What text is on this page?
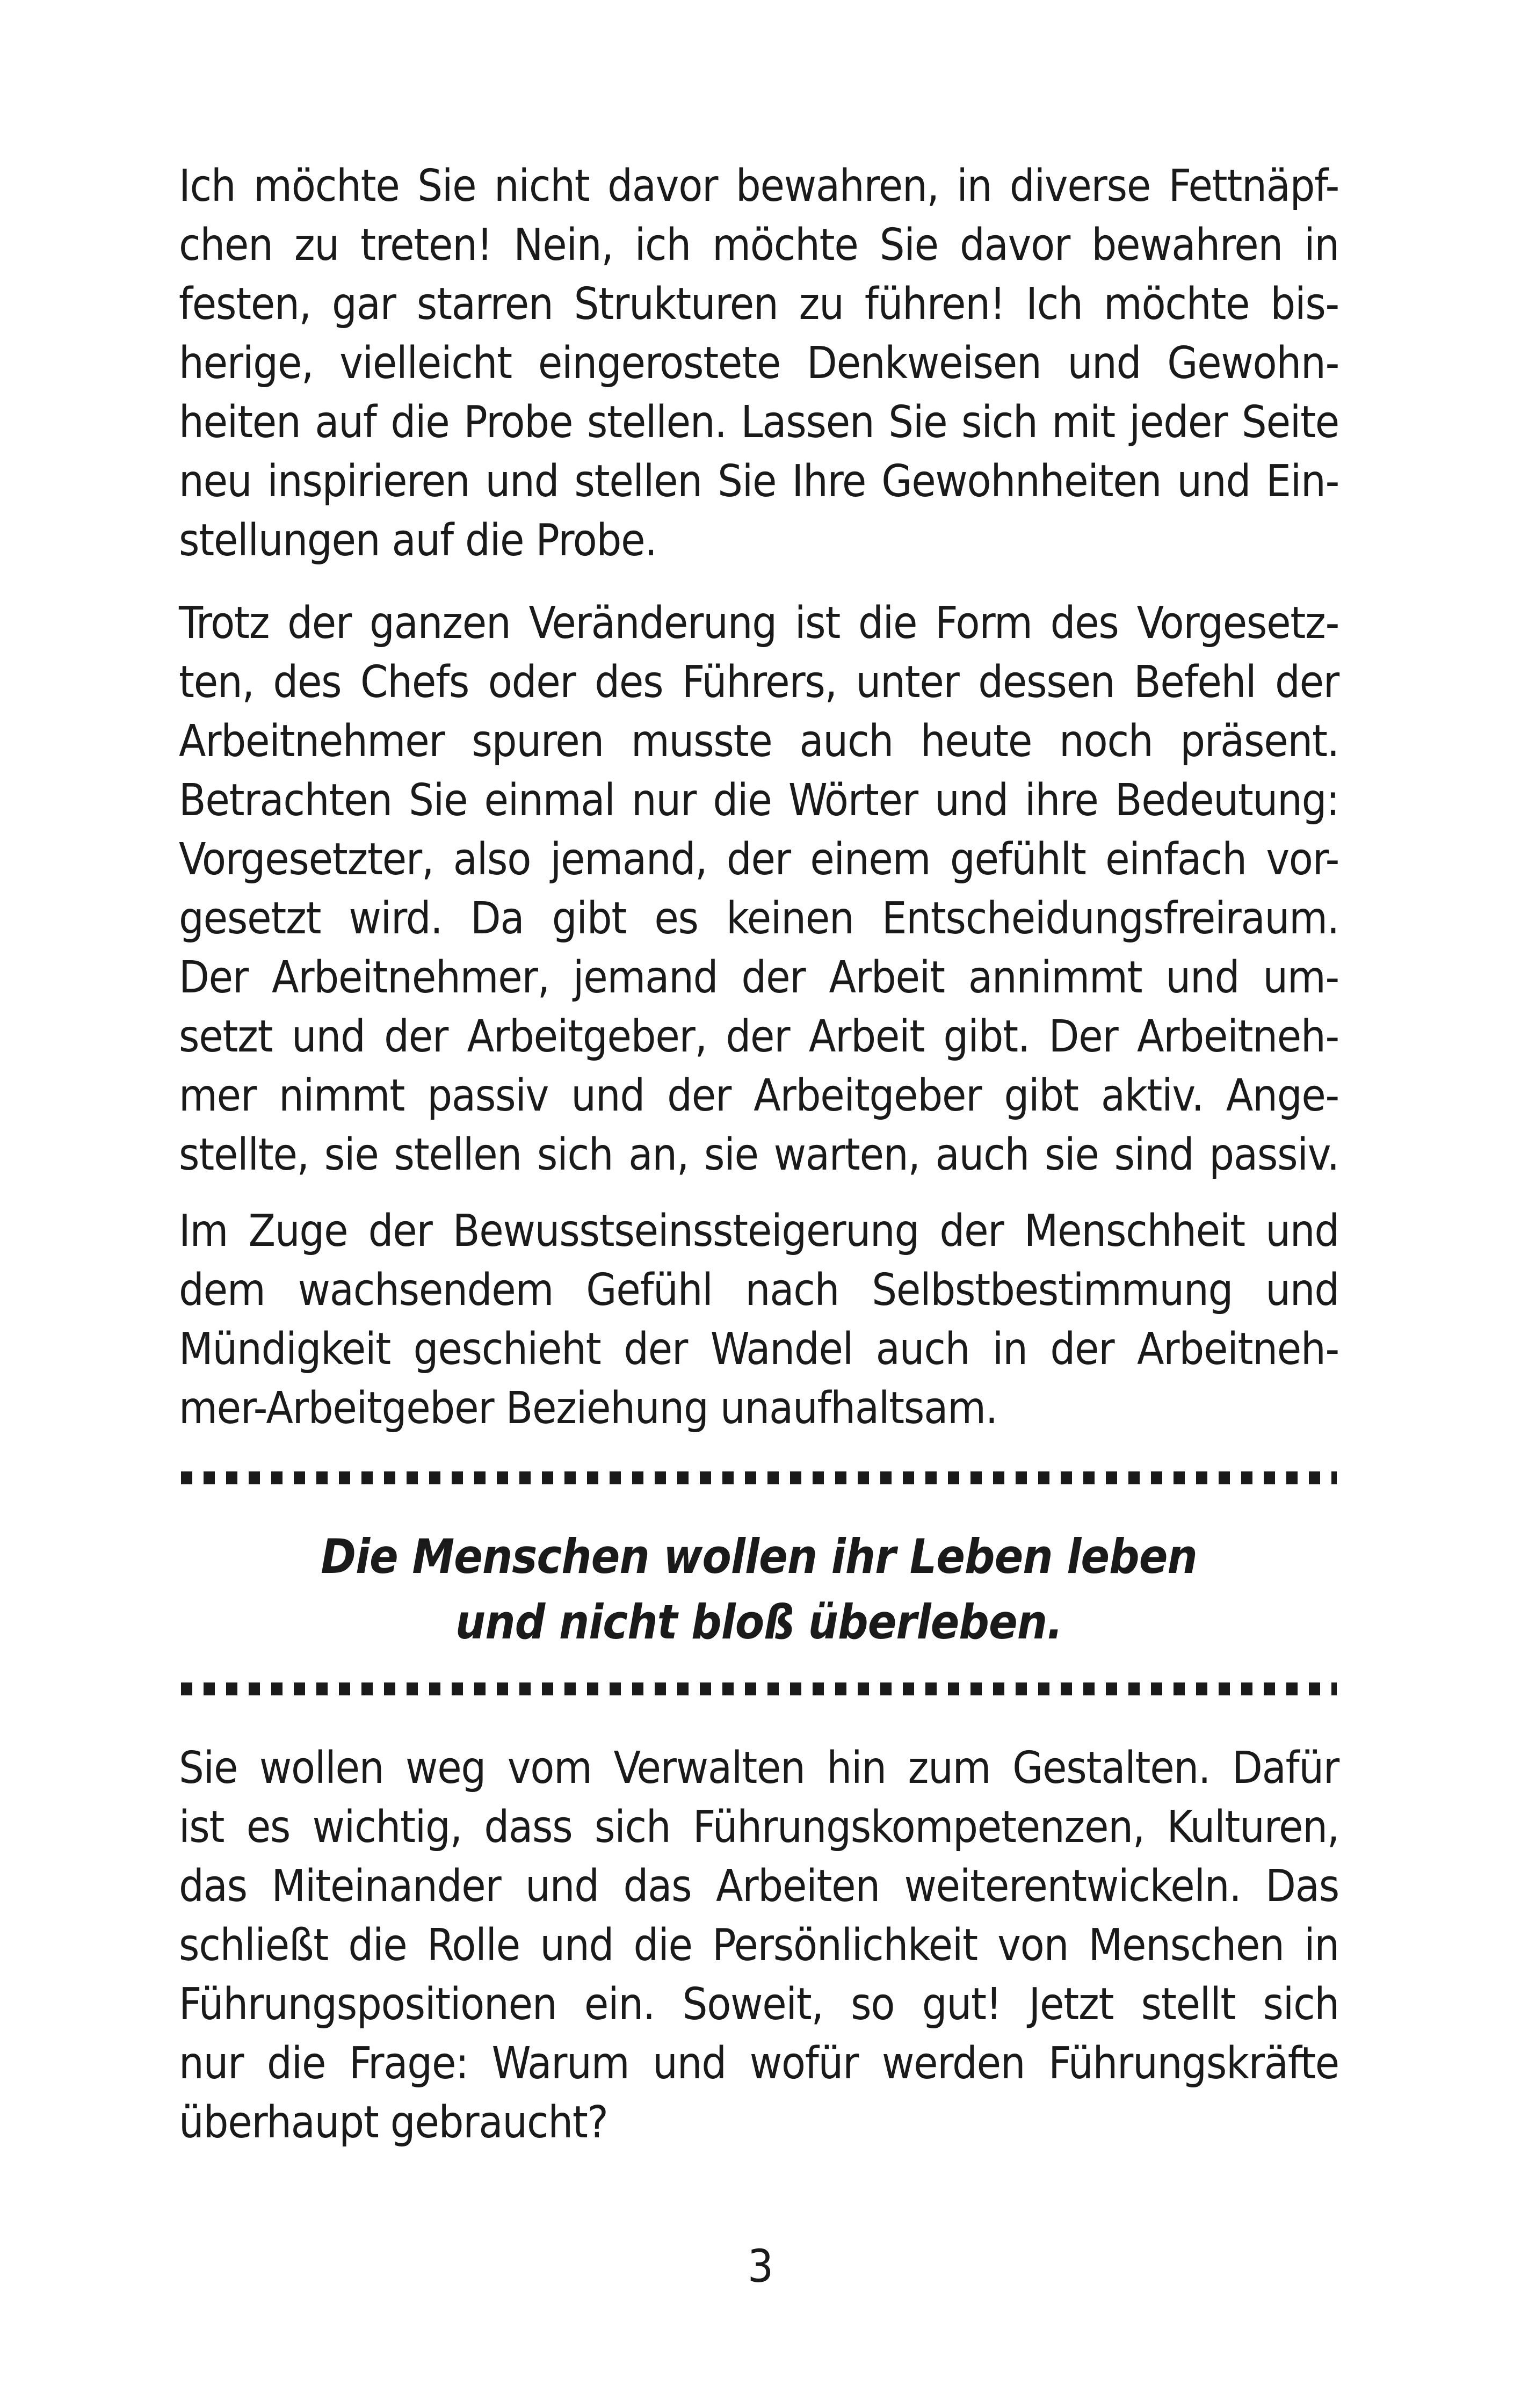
Ich möchte Sie nicht davor bewahren, in diverse Fettnäpf-
chen zu treten! Nein, ich möchte Sie davor bewahren in
festen, gar starren Strukturen zu führen! Ich möchte bis-
herige, vielleicht eingerostete Denkweisen und Gewohn-
heiten auf die Probe stellen. Lassen Sie sich mit jeder Seite
neu inspirieren und stellen Sie Ihre Gewohnheiten und Ein-
stellungen auf die Probe.

Trotz der ganzen Veränderung ist die Form des Vorgesetz-
ten, des Chefs oder des Führers, unter dessen Befehl der
Arbeitnehmer spuren musste auch heute noch präsent.
Betrachten Sie einmal nur die Wörter und ihre Bedeutung:
Vorgesetzter, also jemand, der einem gefühlt einfach vor-
gesetzt wird. Da gibt es keinen Entscheidungsfreiraum.
Der Arbeitnehmer, jemand der Arbeit annimmt und um-
setzt und der Arbeitgeber, der Arbeit gibt. Der Arbeitneh-
mer nimmt passiv und der Arbeitgeber gibt aktiv. Ange-
stellte, sie stellen sich an, sie warten, auch sie sind passiv.

Im Zuge der Bewusstseinssteigerung der Menschheit und
dem wachsendem Gefühl nach Selbstbestimmung und
Mündigkeit geschieht der Wandel auch in der Arbeitneh-
mer-Arbeitgeber Beziehung unaufhaltsam.

Die Menschen wollen ihr Leben leben
und nicht bloß überleben.

Sie wollen weg vom Verwalten hin zum Gestalten. Dafür
ist es wichtig, dass sich Führungskompetenzen, Kulturen,
das Miteinander und das Arbeiten weiterentwickeln. Das
schließt die Rolle und die Persönlichkeit von Menschen in
Führungspositionen ein. Soweit, so gut! Jetzt stellt sich
nur die Frage: Warum und wofür werden Führungskräfte
überhaupt gebraucht?

3
